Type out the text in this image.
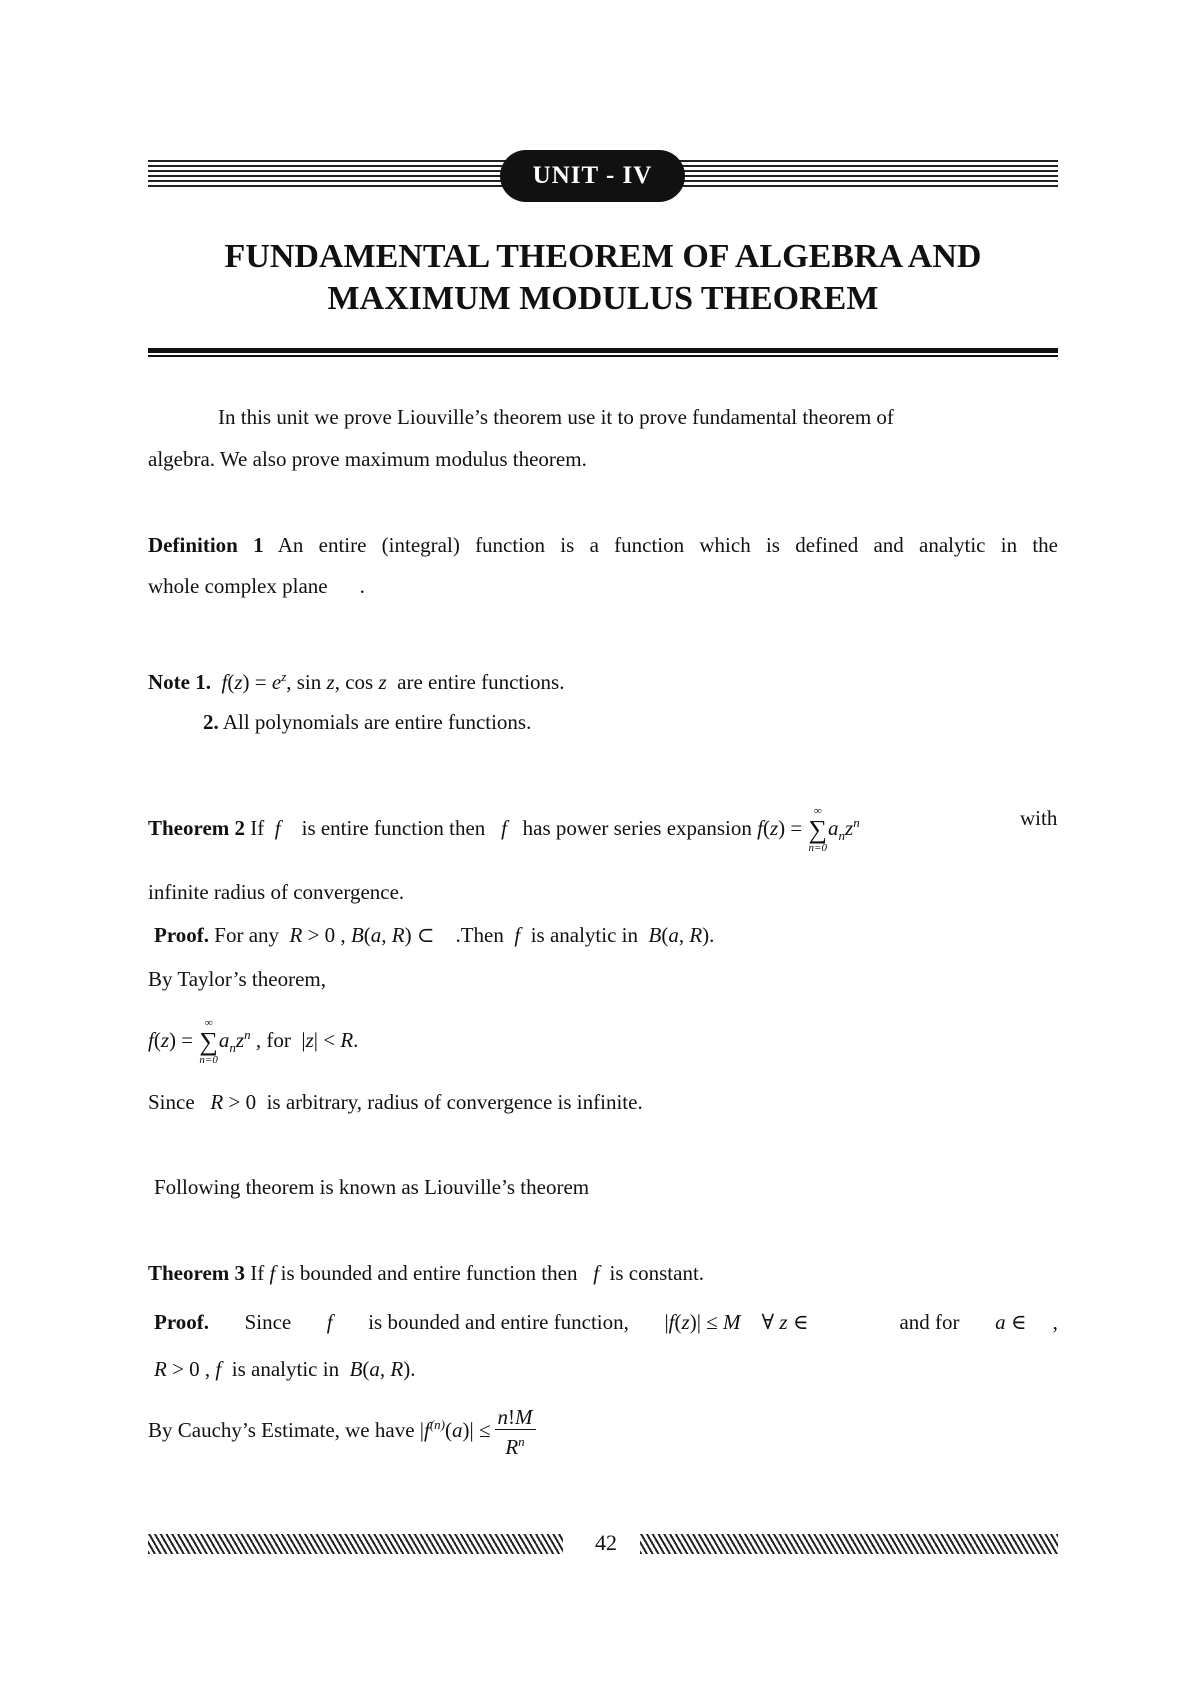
UNIT - IV
FUNDAMENTAL THEOREM OF ALGEBRA AND
MAXIMUM MODULUS THEOREM
In this unit we prove Liouville’s theorem use it to prove fundamental theorem of
algebra. We also prove maximum modulus theorem.
Definition 1 An entire (integral) function is a function which is defined and analytic in the
whole complex plane .
Note 1.  $f(z) = e^z$, sin z, cos z  are entire functions.
2. All polynomials are entire functions.
Theorem 2 If  f    is entire function then   f   has power series expansion f(z) =
∞
∑
n=0
$a_nz^n$	with
infinite radius of convergence.
Proof. For any  R > 0 , B(a, R) ⊂    .Then  f  is analytic in  B(a, R).
By Taylor’s theorem,
f(z) =
∞
∑
n=0
$a_nz^n$ , for |z| < R.
Since   R > 0  is arbitrary, radius of convergence is infinite.
Following theorem is known as Liouville’s theorem
Theorem 3 If f is bounded and entire function then   f  is constant.
Proof. Since f is bounded and entire function, |f(z)| ≤ M    ∀ z ∈	and for a ∈     ,
R > 0 , f  is analytic in  B(a, R).
By Cauchy’s Estimate, we have $|f^{(n)}(a)| \le \frac{n!M}{R^n}$
42
